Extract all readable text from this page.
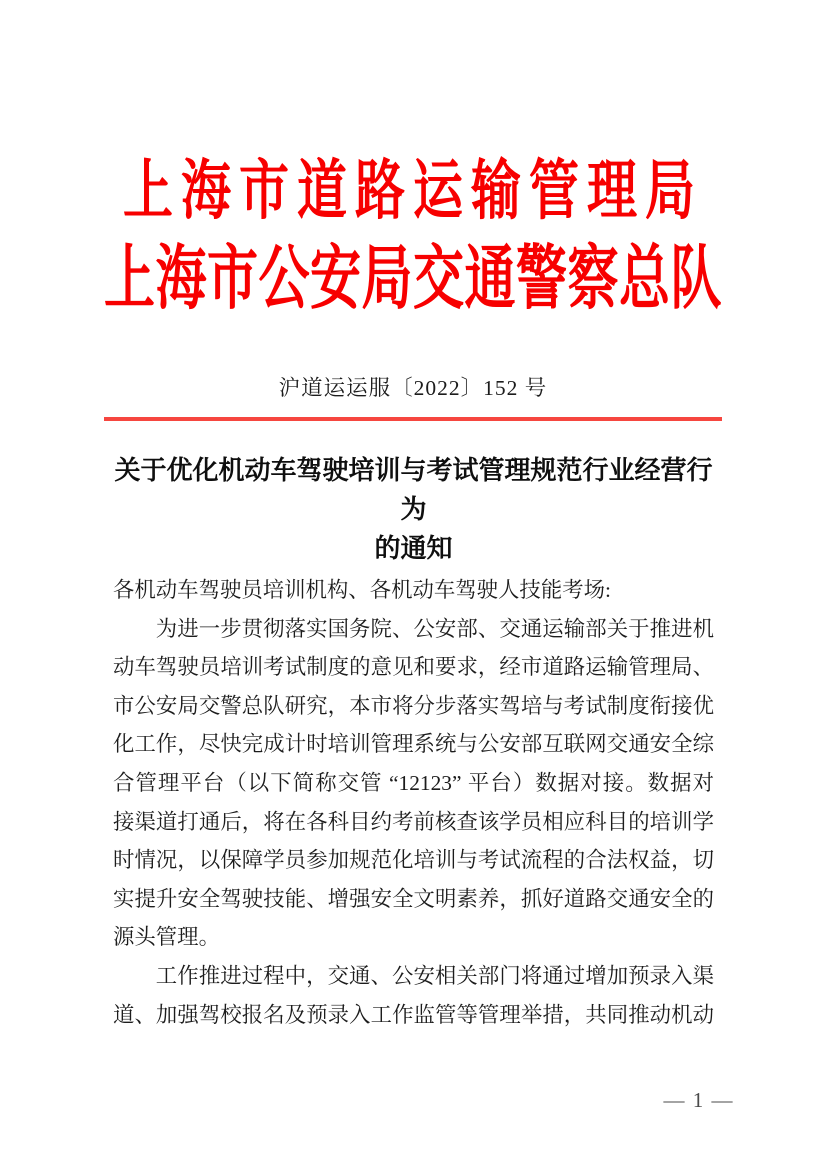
上海市道路运输管理局
上海市公安局交通警察总队
沪道运运服〔2022〕152 号
关于优化机动车驾驶培训与考试管理规范行业经营行为
的通知
各机动车驾驶员培训机构、各机动车驾驶人技能考场:
为进一步贯彻落实国务院、公安部、交通运输部关于推进机
动车驾驶员培训考试制度的意见和要求，经市道路运输管理局、
市公安局交警总队研究，本市将分步落实驾培与考试制度衔接优
化工作，尽快完成计时培训管理系统与公安部互联网交通安全综
合管理平台（以下简称交管 “12123” 平台）数据对接。数据对
接渠道打通后，将在各科目约考前核查该学员相应科目的培训学
时情况，以保障学员参加规范化培训与考试流程的合法权益，切
实提升安全驾驶技能、增强安全文明素养，抓好道路交通安全的
源头管理。
工作推进过程中，交通、公安相关部门将通过增加预录入渠
道、加强驾校报名及预录入工作监管等管理举措，共同推动机动
— 1 —
